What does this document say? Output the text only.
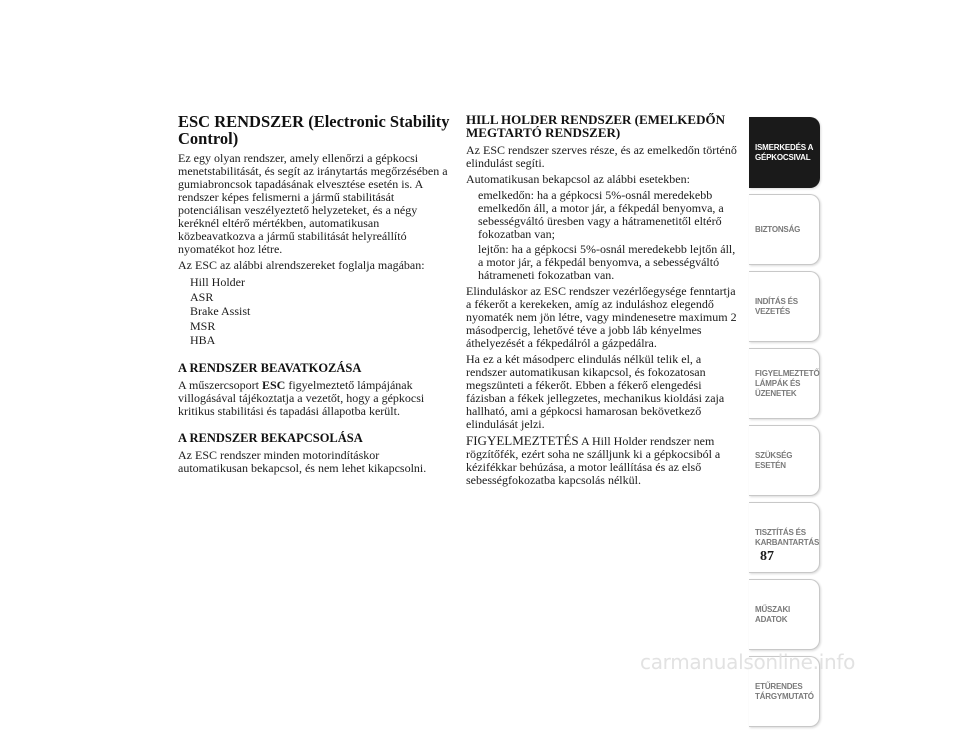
ESC RENDSZER (Electronic Stability Control)

Ez egy olyan rendszer, amely ellenőrzi a gépkocsi menetstabilitását, és segít az iránytartás megőrzésében a gumiabroncsok tapadásának elvesztése esetén is. A rendszer képes felismerni a jármű stabilitását potenciálisan veszélyeztető helyzeteket, és a négy keréknél eltérő mértékben, automatikusan közbeavatkozva a jármű stabilitását helyreállító nyomatékot hoz létre.

Az ESC az alábbi alrendszereket foglalja magában:

Hill Holder
ASR
Brake Assist
MSR
HBA
A RENDSZER BEAVATKOZÁSA

A műszercsoport ESC figyelmeztető lámpájának villogásával tájékoztatja a vezetőt, hogy a gépkocsi kritikus stabilitási és tapadási állapotba került.

A RENDSZER BEKAPCSOLÁSA

Az ESC rendszer minden motorindításkor automatikusan bekapcsol, és nem lehet kikapcsolni.

HILL HOLDER RENDSZER (EMELKEDŐN MEGTARTÓ RENDSZER)

Az ESC rendszer szerves része, és az emelkedőn történő elindulást segíti.

Automatikusan bekapcsol az alábbi esetekben:

emelkedőn: ha a gépkocsi 5%-osnál meredekebb emelkedőn áll, a motor jár, a fékpedál benyomva, a sebességváltó üresben vagy a hátramenetitől eltérő fokozatban van;
lejtőn: ha a gépkocsi 5%-osnál meredekebb lejtőn áll, a motor jár, a fékpedál benyomva, a sebességváltó hátrameneti fokozatban van.

Elinduláskor az ESC rendszer vezérlőegysége fenntartja a fékerőt a kerekeken, amíg az induláshoz elegendő nyomaték nem jön létre, vagy mindenesetre maximum 2 másodpercig, lehetővé téve a jobb láb kényelmes áthelyezését a fékpedálról a gázpedálra.

Ha ez a két másodperc elindulás nélkül telik el, a rendszer automatikusan kikapcsol, és fokozatosan megszünteti a fékerőt. Ebben a fékerő elengedési fázisban a fékek jellegzetes, mechanikus kioldási zaja hallható, ami a gépkocsi hamarosan bekövetkező elindulását jelzi.

FIGYELMEZTETÉS A Hill Holder rendszer nem rögzítőfék, ezért soha ne szálljunk ki a gépkocsiból a kézifékkar behúzása, a motor leállítása és az első sebességfokozatba kapcsolás nélkül.

ISMERKEDÉS A
GÉPKOCSIVAL
BIZTONSÁG
INDÍTÁS ÉS
VEZETÉS
FIGYELMEZTETŐ
LÁMPÁK ÉS
ÜZENETEK
SZÜKSÉG ESETÉN
TISZTÍTÁS ÉS
KARBANTARTÁS
MŰSZAKI ADATOK
ETŰRENDES
TÁRGYMUTATÓ
87
carmanualsonline.info
